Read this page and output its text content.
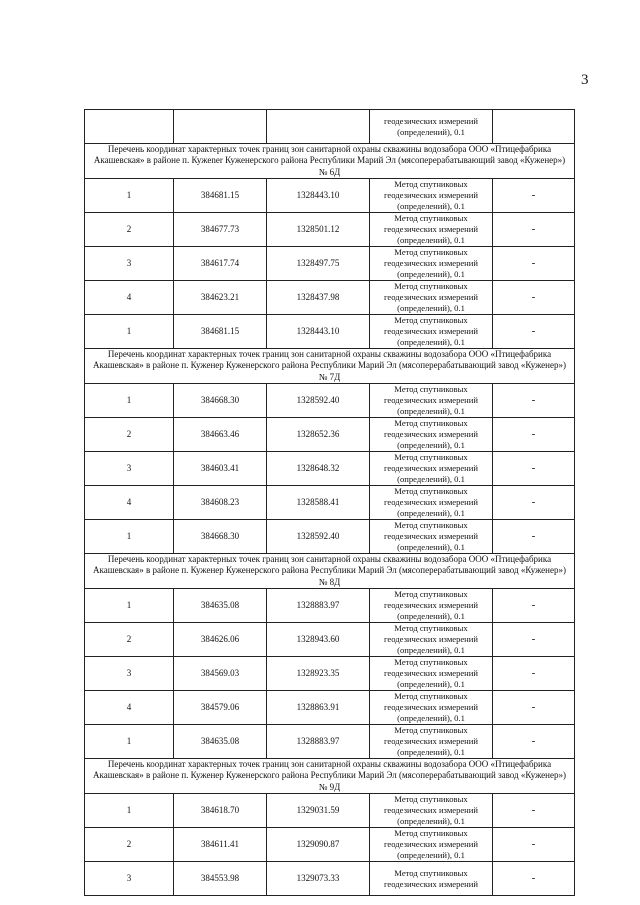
3
			геодезических измерений (определений), 0.1	
Перечень координат характерных точек границ зон санитарной охраны скважины водозабора ООО «Птицефабрика Акашевская» в районе п. Кужener Куженерского района Республики Марий Эл (мясоперерабатывающий завод «Куженер») № 6Д				
1	384681.15	1328443.10	Метод спутниковых геодезических измерений (определений), 0.1	-
2	384677.73	1328501.12	Метод спутниковых геодезических измерений (определений), 0.1	-
3	384617.74	1328497.75	Метод спутниковых геодезических измерений (определений), 0.1	-
4	384623.21	1328437.98	Метод спутниковых геодезических измерений (определений), 0.1	-
1	384681.15	1328443.10	Метод спутниковых геодезических измерений (определений), 0.1	-
Перечень координат характерных точек границ зон санитарной охраны скважины водозабора ООО «Птицефабрика Акашевская» в районе п. Куженер Куженерского района Республики Марий Эл (мясоперерабатывающий завод «Куженер») № 7Д				
1	384668.30	1328592.40	Метод спутниковых геодезических измерений (определений), 0.1	-
2	384663.46	1328652.36	Метод спутниковых геодезических измерений (определений), 0.1	-
3	384603.41	1328648.32	Метод спутниковых геодезических измерений (определений), 0.1	-
4	384608.23	1328588.41	Метод спутниковых геодезических измерений (определений), 0.1	-
1	384668.30	1328592.40	Метод спутниковых геодезических измерений (определений), 0.1	-
Перечень координат характерных точек границ зон санитарной охраны скважины водозабора ООО «Птицефабрика Акашевская» в районе п. Куженер Куженерского района Республики Марий Эл (мясоперерабатывающий завод «Куженер») № 8Д				
1	384635.08	1328883.97	Метод спутниковых геодезических измерений (определений), 0.1	-
2	384626.06	1328943.60	Метод спутниковых геодезических измерений (определений), 0.1	-
3	384569.03	1328923.35	Метод спутниковых геодезических измерений (определений), 0.1	-
4	384579.06	1328863.91	Метод спутниковых геодезических измерений (определений), 0.1	-
1	384635.08	1328883.97	Метод спутниковых геодезических измерений (определений), 0.1	-
Перечень координат характерных точек границ зон санитарной охраны скважины водозабора ООО «Птицефабрика Акашевская» в районе п. Куженер Куженерского района Республики Марий Эл (мясоперерабатывающий завод «Куженер») № 9Д				
1	384618.70	1329031.59	Метод спутниковых геодезических измерений (определений), 0.1	-
2	384611.41	1329090.87	Метод спутниковых геодезических измерений (определений), 0.1	-
3	384553.98	1329073.33	Метод спутниковых геодезических измерений	-
